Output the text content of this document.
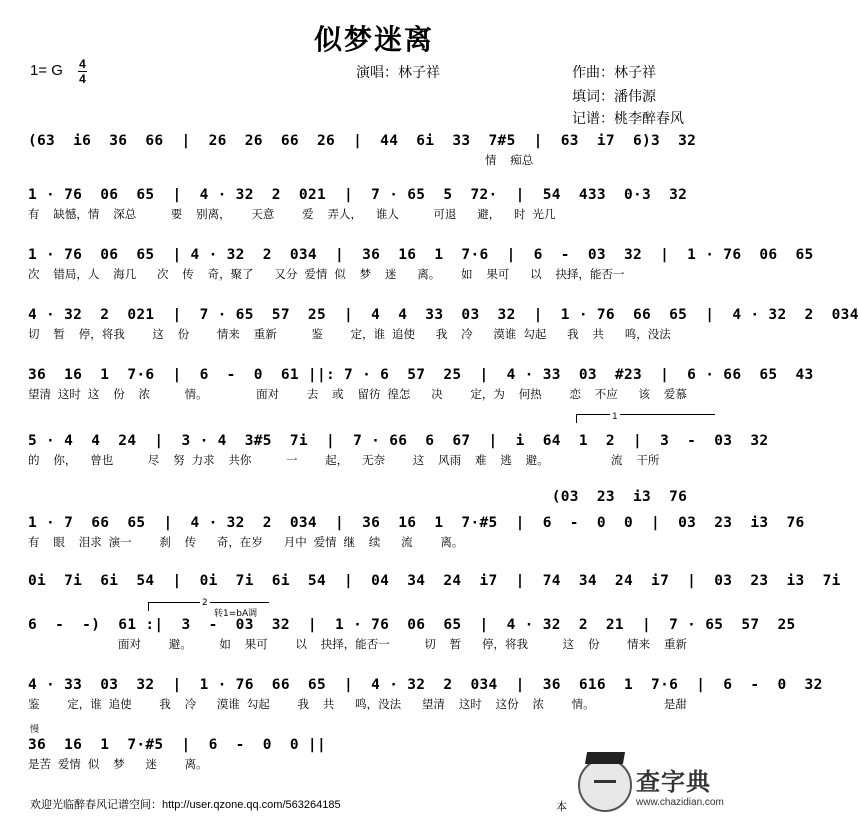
似梦迷离
1= G 4
4	演唱：林子祥	作曲：林子祥
填词：潘伟源
记谱：桃李醉春风
(63  i6  36  66  |  26  26  66  26  |  44  6i  33  7#5  |  63  i7  6)3  32
情  痴总
1 · 76  06  65  |  4 · 32  2  021  |  7 · 65  5  72·  |  54  433  0·3  32
有  缺憾，情  深总     要  别离，   天意    爱  弄人，  谁人     可退   避，  时 光几
1 · 76  06  65  | 4 · 32  2  034  |  36  16  1  7·6  |  6  -  03  32  |  1 · 76  06  65
次  错局，人  海几   次  传  奇，聚了   又分 爱情 似  梦  迷   离。   如  果可   以  抉择，能否一
4 · 32  2  021  |  7 · 65  57  25  |  4  4  33  03  32  |  1 · 76  66  65  |  4 · 32  2  034
切  暂  停，将我    这  份    情来  重新     鉴    定，谁 追使   我  冷   漠谁 勾起   我  共   鸣，没法
36  16  1  7·6  |  6  -  0  61 ||: 7 · 6  57  25  |  4 · 33  03  #23  |  6 · 66  65  43
望清 这时 这  份  浓     情。       面对    去  或  留彷 徨怎   决    定，为  何热    恋  不应   该  爱慕
1
5 · 4  4  24  |  3 · 4  3#5  7i  |  7 · 66  6  67  |  i  64  1  2  |  3  -  03  32
的  你，  曾也     尽  努 力求  共你     一    起，  无奈    这  风雨  难  逃  避。         流  干所
(03  23  i3  76
1 · 7  66  65  |  4 · 32  2  034  |  36  16  1  7·#5  |  6  -  0  0  |  03  23  i3  76
有  眼  泪求 演一    刹  传   奇，在岁   月中 爱情 继  续   流    离。
0i  7i  6i  54  |  0i  7i  6i  54  |  04  34  24  i7  |  74  34  24  i7  |  03  23  i3  7i
2
转1=bA调
6  -  -)  61 :|  3  -  03  32  |  1 · 76  06  65  |  4 · 32  2  21  |  7 · 65  57  25
面对    避。    如  果可    以  抉择，能否一     切  暂   停，将我     这  份    情来  重新
4 · 33  03  32  |  1 · 76  66  65  |  4 · 32  2  034  |  36  616  1  7·6  |  6  -  0  32
鉴    定，谁 追使    我  冷   漠谁 勾起    我  共   鸣，没法   望清  这时  这份  浓    情。          是甜
慢
36  16  1  7·#5  |  6  -  0  0 ||
是苦 爱情 似  梦   迷    离。
欢迎光临醉春风记谱空间：http://user.qzone.qq.com/563264185	本
查字典
www.chazidian.com
